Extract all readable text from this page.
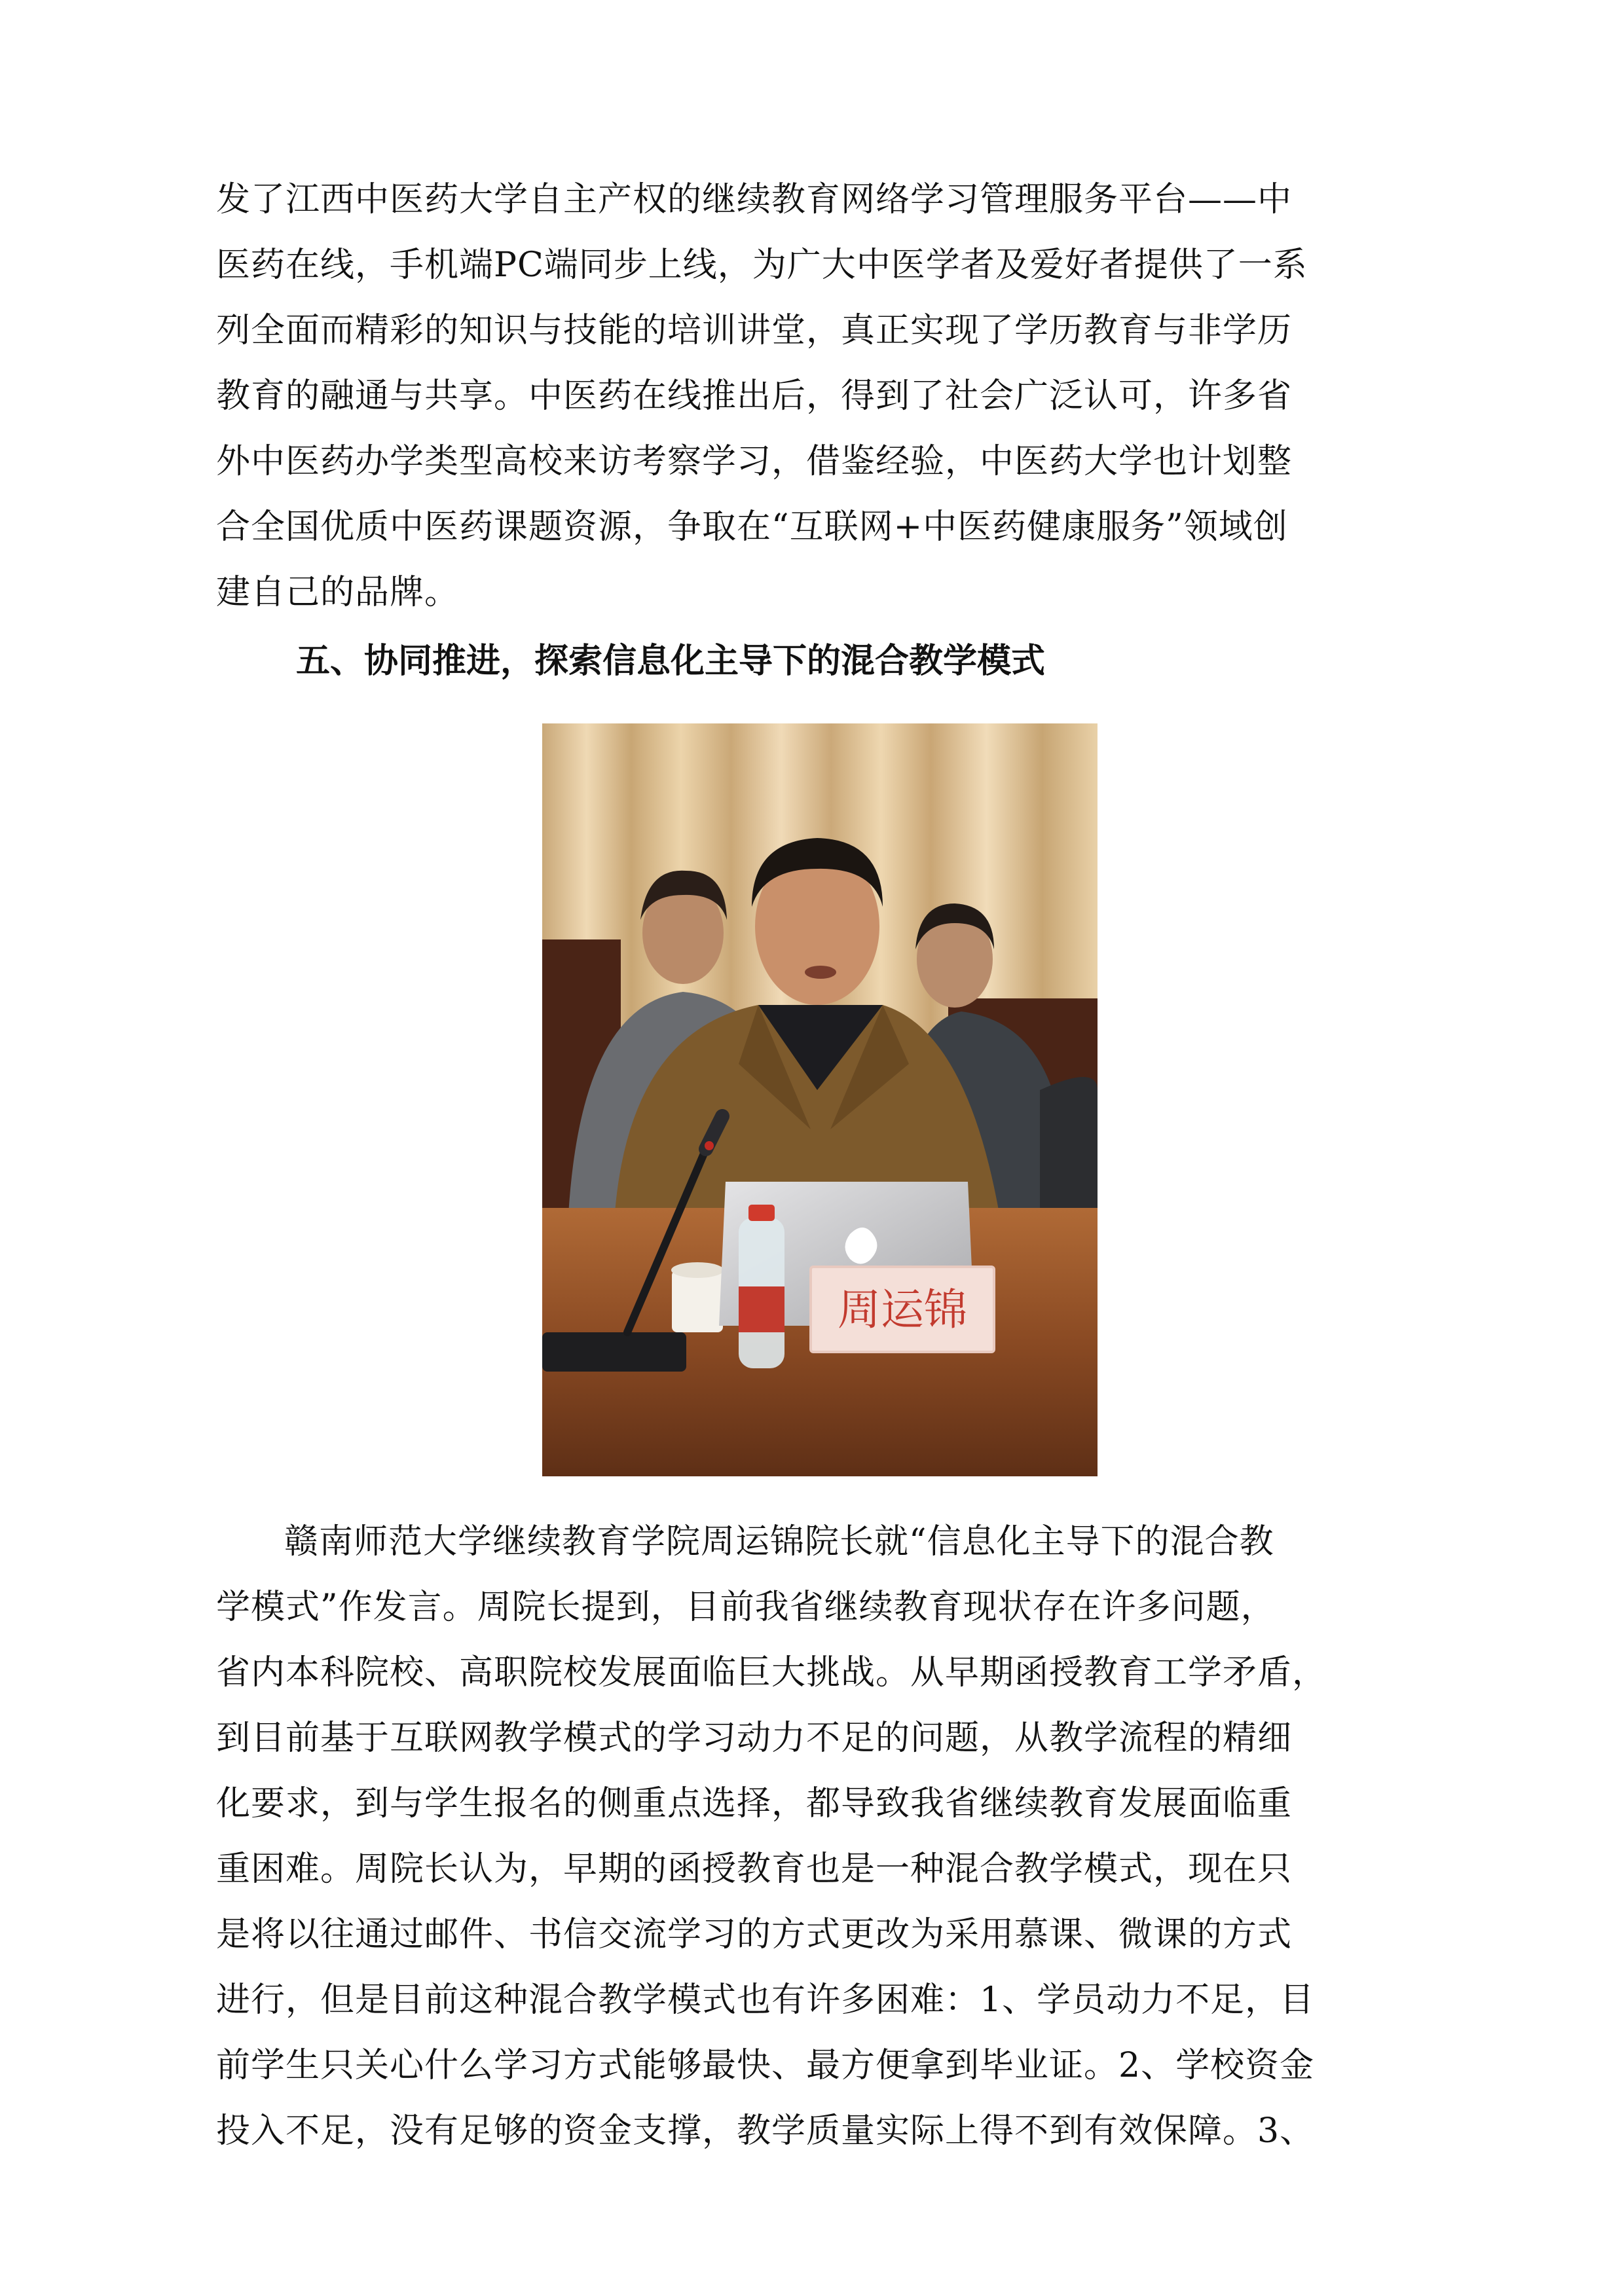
发了江西中医药大学自主产权的继续教育网络学习管理服务平台——中
医药在线，手机端PC端同步上线，为广大中医学者及爱好者提供了一系
列全面而精彩的知识与技能的培训讲堂，真正实现了学历教育与非学历
教育的融通与共享。中医药在线推出后，得到了社会广泛认可，许多省
外中医药办学类型高校来访考察学习，借鉴经验，中医药大学也计划整
合全国优质中医药课题资源，争取在“互联网+中医药健康服务”领域创
建自己的品牌。
五、协同推进，探索信息化主导下的混合教学模式
周运锦
赣南师范大学继续教育学院周运锦院长就“信息化主导下的混合教
学模式”作发言。周院长提到，目前我省继续教育现状存在许多问题，
省内本科院校、高职院校发展面临巨大挑战。从早期函授教育工学矛盾，
到目前基于互联网教学模式的学习动力不足的问题，从教学流程的精细
化要求，到与学生报名的侧重点选择，都导致我省继续教育发展面临重
重困难。周院长认为，早期的函授教育也是一种混合教学模式，现在只
是将以往通过邮件、书信交流学习的方式更改为采用慕课、微课的方式
进行，但是目前这种混合教学模式也有许多困难：1、学员动力不足，目
前学生只关心什么学习方式能够最快、最方便拿到毕业证。2、学校资金
投入不足，没有足够的资金支撑，教学质量实际上得不到有效保障。3、
